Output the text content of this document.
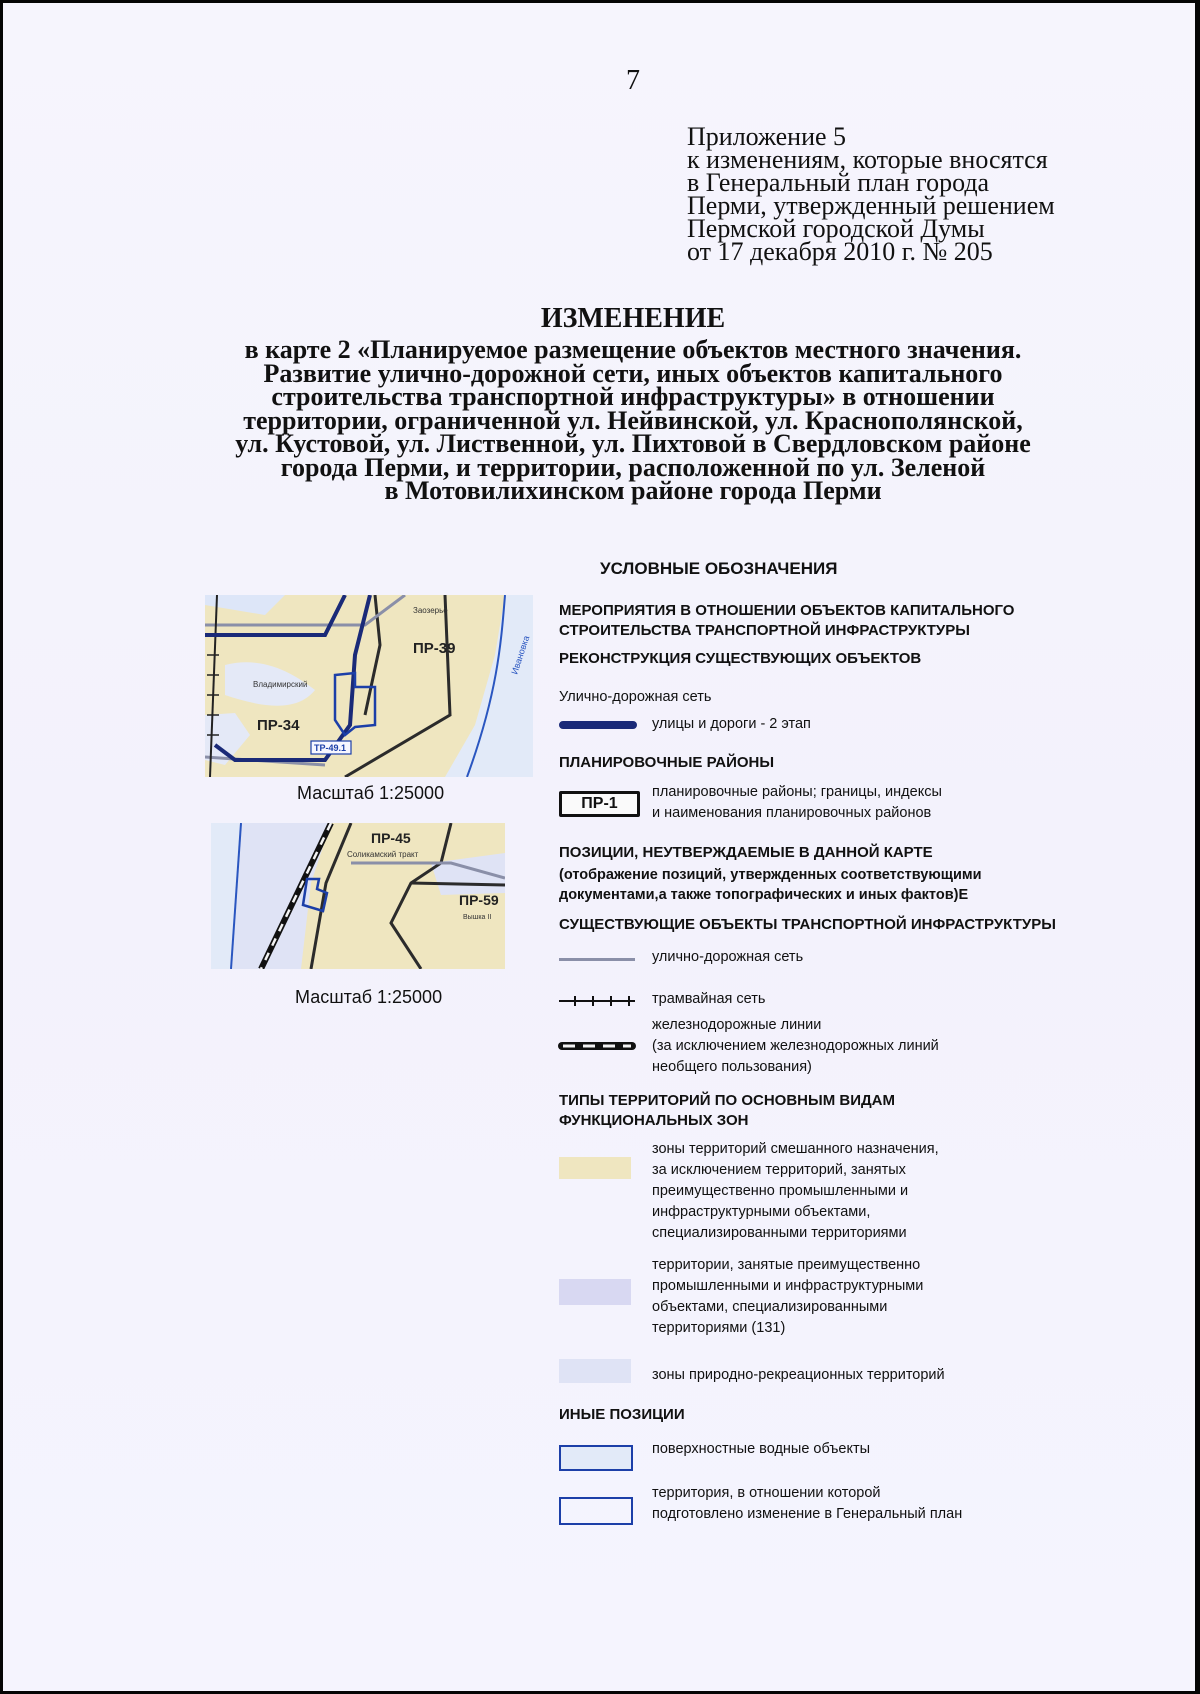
7
Приложение 5
к изменениям, которые вносятся
в Генеральный план города
Перми, утвержденный решением
Пермской городской Думы
от 17 декабря 2010 г. № 205
ИЗМЕНЕНИЕ
в карте 2 «Планируемое размещение объектов местного значения.
Развитие улично-дорожной сети, иных объектов капитального
строительства транспортной инфраструктуры» в отношении
территории, ограниченной ул. Нейвинской, ул. Краснополянской,
ул. Кустовой, ул. Лиственной, ул. Пихтовой в Свердловском районе
города Перми, и территории, расположенной по ул. Зеленой
в Мотовилихинском районе города Перми
ПР-39
Заозерье
Владимирский
ПР-34
ТР-49.1
Ивановка
Масштаб 1:25000
ПР-45
Соликамский тракт
ПР-59
Вышка II
Масштаб 1:25000
УСЛОВНЫЕ ОБОЗНАЧЕНИЯ
МЕРОПРИЯТИЯ В ОТНОШЕНИИ ОБЪЕКТОВ КАПИТАЛЬНОГО
СТРОИТЕЛЬСТВА ТРАНСПОРТНОЙ ИНФРАСТРУКТУРЫ
РЕКОНСТРУКЦИЯ СУЩЕСТВУЮЩИХ ОБЪЕКТОВ
Улично-дорожная сеть
улицы и дороги - 2 этап
ПЛАНИРОВОЧНЫЕ РАЙОНЫ
ПР-1
планировочные районы; границы, индексы
и наименования планировочных районов
ПОЗИЦИИ, НЕУТВЕРЖДАЕМЫЕ В ДАННОЙ КАРТЕ
(отображение позиций, утвержденных соответствующими
документами,а также топографических и иных фактов)Е
СУЩЕСТВУЮЩИЕ ОБЪЕКТЫ ТРАНСПОРТНОЙ ИНФРАСТРУКТУРЫ
улично-дорожная сеть
трамвайная сеть
железнодорожные линии
(за исключением железнодорожных линий
необщего пользования)
ТИПЫ ТЕРРИТОРИЙ ПО ОСНОВНЫМ ВИДАМ
ФУНКЦИОНАЛЬНЫХ ЗОН
зоны территорий смешанного назначения,
за исключением территорий, занятых
преимущественно промышленными и
инфраструктурными объектами,
специализированными территориями
территории, занятые преимущественно
промышленными и инфраструктурными
объектами, специализированными
территориями (131)
зоны природно-рекреационных территорий
ИНЫЕ ПОЗИЦИИ
поверхностные водные объекты
территория, в отношении которой
подготовлено изменение в Генеральный план
